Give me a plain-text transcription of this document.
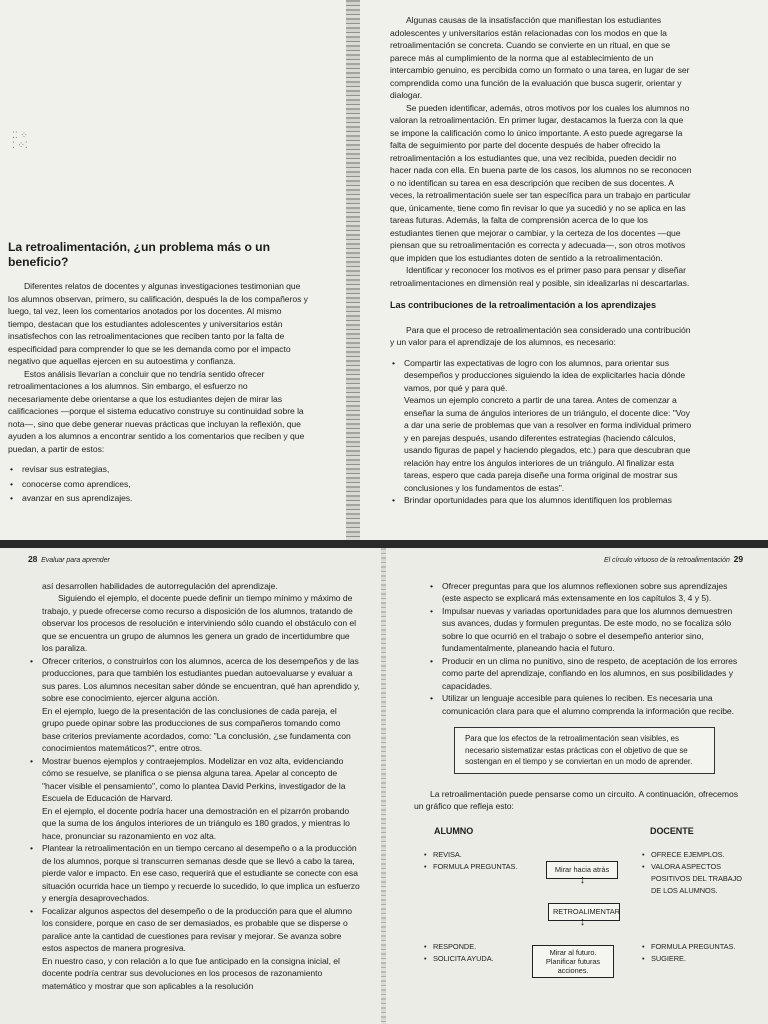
⁚⁚ ⁘ ⁚ ⁘⁚
La retroalimentación, ¿un problema más o un beneficio?

Diferentes relatos de docentes y algunas investigaciones testimonian que los alumnos observan, primero, su calificación, después la de los compañeros y luego, tal vez, leen los comentarios anotados por los docentes. Al mismo tiempo, destacan que los estudiantes adolescentes y universitarios están insatisfechos con las retroalimentaciones que reciben tanto por la falta de especificidad para comprender lo que se les demanda como por el impacto negativo que aquellas ejercen en su autoestima y confianza.

Estos análisis llevarían a concluir que no tendría sentido ofrecer retroalimentaciones a los alumnos. Sin embargo, el esfuerzo no necesariamente debe orientarse a que los estudiantes dejen de mirar las calificaciones —porque el sistema educativo construye su continuidad sobre la nota—, sino que debe generar nuevas prácticas que incluyan la reflexión, que ayuden a los alumnos a encontrar sentido a los comentarios que reciben y que puedan, a partir de estos:

• revisar sus estrategias,
• conocerse como aprendices,
• avanzar en sus aprendizajes.

Algunas causas de la insatisfacción que manifiestan los estudiantes adolescentes y universitarios están relacionadas con los modos en que la retroalimentación se concreta. Cuando se convierte en un ritual, en que se parece más al cumplimiento de la norma que al establecimiento de un intercambio genuino, es percibida como un formato o una tarea, en lugar de ser comprendida como una función de la evaluación que busca sugerir, orientar y dialogar.

Se pueden identificar, además, otros motivos por los cuales los alumnos no valoran la retroalimentación. En primer lugar, destacamos la fuerza con la que se impone la calificación como lo único importante. A esto puede agregarse la falta de seguimiento por parte del docente después de haber ofrecido la retroalimentación a los estudiantes que, una vez recibida, pueden decidir no hacer nada con ella. En buena parte de los casos, los alumnos no se reconocen o no identifican su tarea en esa descripción que reciben de sus docentes. A veces, la retroalimentación suele ser tan específica para un trabajo en particular que, únicamente, tiene como fin revisar lo que ya sucedió y no se aplica en las tareas futuras. Además, la falta de comprensión acerca de lo que los estudiantes tienen que mejorar o cambiar, y la certeza de los docentes —que piensan que su retroalimentación es correcta y adecuada—, son otros motivos que impiden que los estudiantes doten de sentido a la retroalimentación.

Identificar y reconocer los motivos es el primer paso para pensar y diseñar retroalimentaciones en dimensión real y posible, sin idealizarlas ni descartarlas.

Las contribuciones de la retroalimentación a los aprendizajes

Para que el proceso de retroalimentación sea considerado una contribución y un valor para el aprendizaje de los alumnos, es necesario:

• Compartir las expectativas de logro con los alumnos, para orientar sus desempeños y producciones siguiendo la idea de explicitarles hacia dónde vamos, por qué y para qué.
Veamos un ejemplo concreto a partir de una tarea. Antes de comenzar a enseñar la suma de ángulos interiores de un triángulo, el docente dice: "Voy a dar una serie de problemas que van a resolver en forma individual primero y en parejas después, usando diferentes estrategias (haciendo cálculos, usando figuras de papel y haciendo plegados, etc.) para que descubran que relación hay entre los ángulos interiores de un triángulo. Al finalizar esta tareas, espero que cada pareja diseñe una forma original de mostrar sus conclusiones y los fundamentos de estas".
• Brindar oportunidades para que los alumnos identifiquen los problemas
28 Evaluar para aprender

así desarrollen habilidades de autorregulación del aprendizaje.

Siguiendo el ejemplo, el docente puede definir un tiempo mínimo y máximo de trabajo, y puede ofrecerse como recurso a disposición de los alumnos, tratando de observar los procesos de resolución e interviniendo sólo cuando el obstáculo con el que se encuentra un grupo de alumnos les genera un grado de incertidumbre que los paraliza.

• Ofrecer criterios, o construirlos con los alumnos, acerca de los desempeños y de las producciones, para que también los estudiantes puedan autoevaluarse y evaluar a sus pares. Los alumnos necesitan saber dónde se encuentran, qué han aprendido y, sobre ese conocimiento, ejercer alguna acción.
En el ejemplo, luego de la presentación de las conclusiones de cada pareja, el grupo puede opinar sobre las producciones de sus compañeros tomando como base criterios previamente acordados, como: "La conclusión, ¿se fundamenta con conocimientos matemáticos?", entre otros.
• Mostrar buenos ejemplos y contraejemplos. Modelizar en voz alta, evidenciando cómo se resuelve, se planifica o se piensa alguna tarea. Apelar al concepto de "hacer visible el pensamiento", como lo plantea David Perkins, investigador de la Escuela de Educación de Harvard.
En el ejemplo, el docente podría hacer una demostración en el pizarrón probando que la suma de los ángulos interiores de un triángulo es 180 grados, y mientras lo hace, pronunciar su razonamiento en voz alta.
• Plantear la retroalimentación en un tiempo cercano al desempeño o a la producción de los alumnos, porque si transcurren semanas desde que se llevó a cabo la tarea, pierde valor e impacto. En ese caso, requerirá que el estudiante se conecte con esa situación ocurrida hace un tiempo y recuerde lo sucedido, lo que implica un esfuerzo y energía desaprovechados.
• Focalizar algunos aspectos del desempeño o de la producción para que el alumno los considere, porque en caso de ser demasiados, es probable que se disperse o paralice ante la cantidad de cuestiones para revisar y mejorar. Se avanza sobre estos aspectos de manera progresiva.
En nuestro caso, y con relación a lo que fue anticipado en la consigna inicial, el docente podría centrar sus devoluciones en los procesos de razonamiento matemático y mostrar que son aplicables a la resolución
El círculo virtuoso de la retroalimentación 29
• Ofrecer preguntas para que los alumnos reflexionen sobre sus aprendizajes (este aspecto se explicará más extensamente en los capítulos 3, 4 y 5).
• Impulsar nuevas y variadas oportunidades para que los alumnos demuestren sus avances, dudas y formulen preguntas. De este modo, no se focaliza sólo sobre lo que ocurrió en el trabajo o sobre el desempeño anterior sino, fundamentalmente, planeando hacia el futuro.
• Producir en un clima no punitivo, sino de respeto, de aceptación de los errores como parte del aprendizaje, confiando en los alumnos, en sus posibilidades y capacidades.
• Utilizar un lenguaje accesible para quienes lo reciben. Es necesaria una comunicación clara para que el alumno comprenda la información que recibe.
Para que los efectos de la retroalimentación sean visibles, es necesario sistematizar estas prácticas con el objetivo de que se sostengan en el tiempo y se conviertan en un modo de aprender.

La retroalimentación puede pensarse como un circuito. A continuación, ofrecemos un gráfico que refleja esto:

ALUMNO	DOCENTE
• REVISA.
• FORMULA PREGUNTAS.
• OFRECE EJEMPLOS.
• VALORA ASPECTOS POSITIVOS DEL TRABAJO DE LOS ALUMNOS.
Mirar hacia atrás
↕
RETROALIMENTAR
↕
Mirar al futuro.
Planificar futuras acciones.
• RESPONDE.
• SOLICITA AYUDA.
• FORMULA PREGUNTAS.
• SUGIERE.
